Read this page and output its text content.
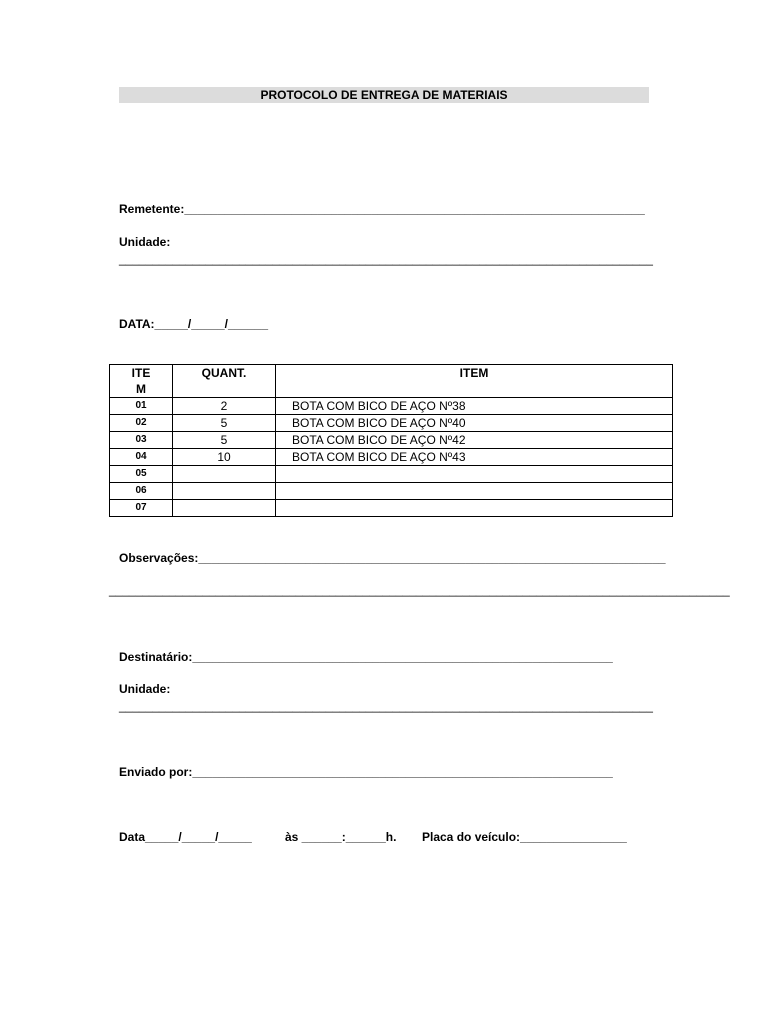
PROTOCOLO DE ENTREGA DE MATERIAIS
Remetente:_____________________________________________________________________
Unidade:
________________________________________________________________________________
DATA:_____/_____/______
ITE
M	QUANT.	ITEM
01	2	BOTA COM BICO DE AÇO Nº38
02	5	BOTA COM BICO DE AÇO Nº40
03	5	BOTA COM BICO DE AÇO Nº42
04	10	BOTA COM BICO DE AÇO Nº43
05		
06		
07		
Observações:______________________________________________________________________
_____________________________________________________________________________________________
Destinatário:_______________________________________________________________
Unidade:
________________________________________________________________________________
Enviado por:_______________________________________________________________
Data_____/_____/_____	às ______:______h. Placa do veículo:________________
